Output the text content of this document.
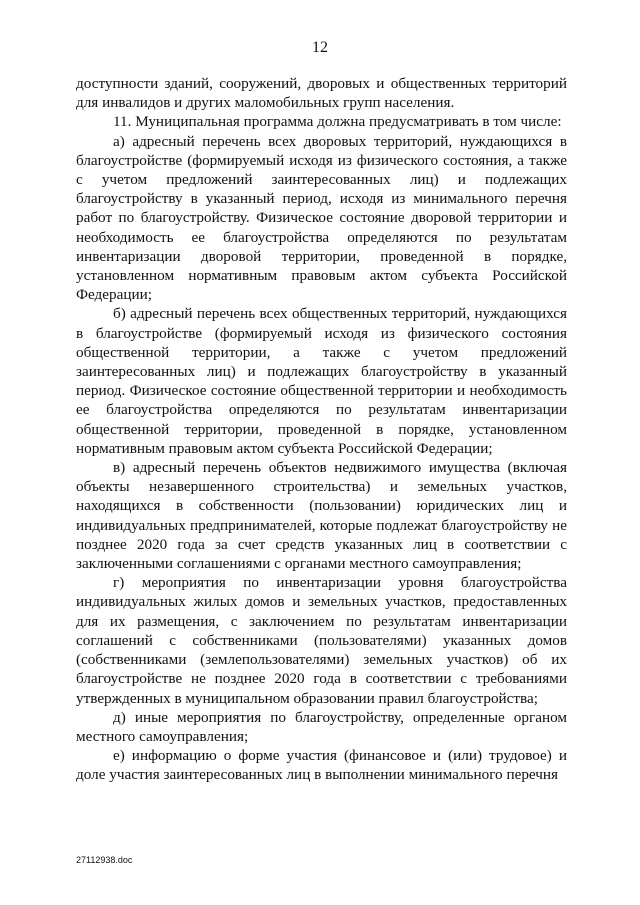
12

доступности зданий, сооружений, дворовых и общественных территорий для инвалидов и других маломобильных групп населения.

11. Муниципальная программа должна предусматривать в том числе:

а) адресный перечень всех дворовых территорий, нуждающихся в благоустройстве (формируемый исходя из физического состояния, а также с учетом предложений заинтересованных лиц) и подлежащих благоустройству в указанный период, исходя из минимального перечня работ по благоустройству. Физическое состояние дворовой территории и необходимость ее благоустройства определяются по результатам инвентаризации дворовой территории, проведенной в порядке, установленном нормативным правовым актом субъекта Российской Федерации;

б) адресный перечень всех общественных территорий, нуждающихся в благоустройстве (формируемый исходя из физического состояния общественной территории, а также с учетом предложений заинтересованных лиц) и подлежащих благоустройству в указанный период. Физическое состояние общественной территории и необходимость ее благоустройства определяются по результатам инвентаризации общественной территории, проведенной в порядке, установленном нормативным правовым актом субъекта Российской Федерации;

в) адресный перечень объектов недвижимого имущества (включая объекты незавершенного строительства) и земельных участков, находящихся в собственности (пользовании) юридических лиц и индивидуальных предпринимателей, которые подлежат благоустройству не позднее 2020 года за счет средств указанных лиц в соответствии с заключенными соглашениями с органами местного самоуправления;

г) мероприятия по инвентаризации уровня благоустройства индивидуальных жилых домов и земельных участков, предоставленных для их размещения, с заключением по результатам инвентаризации соглашений с собственниками (пользователями) указанных домов (собственниками (землепользователями) земельных участков) об их благоустройстве не позднее 2020 года в соответствии с требованиями утвержденных в муниципальном образовании правил благоустройства;

д) иные мероприятия по благоустройству, определенные органом местного самоуправления;

е) информацию о форме участия (финансовое и (или) трудовое) и доле участия заинтересованных лиц в выполнении минимального перечня

27112938.doc
